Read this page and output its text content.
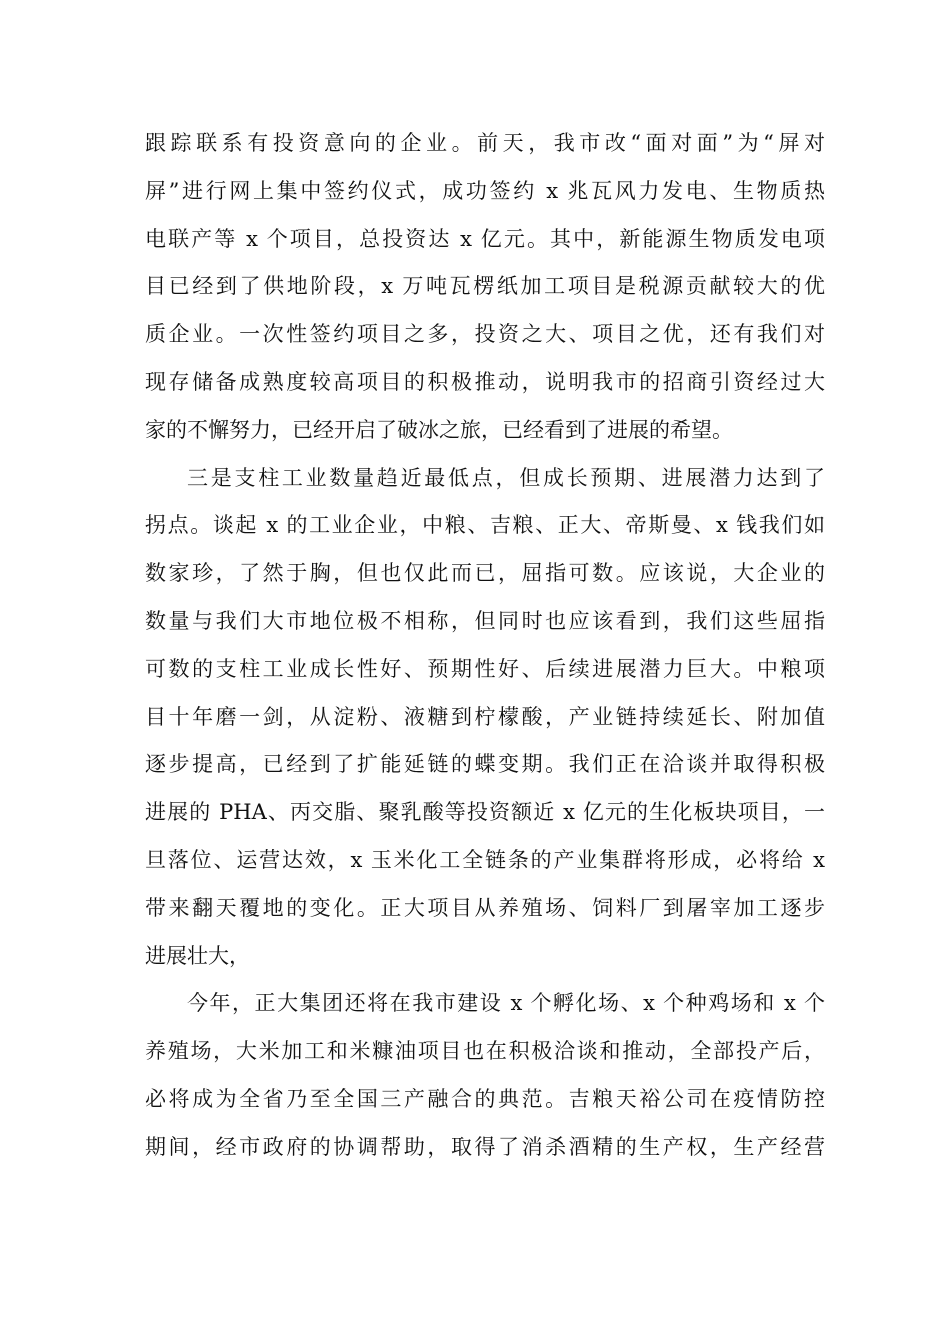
跟踪联系有投资意向的企业。前天，我市改“面对面”为“屏对
屏”进行网上集中签约仪式，成功签约 x 兆瓦风力发电、生物质热
电联产等 x 个项目，总投资达 x 亿元。其中，新能源生物质发电项
目已经到了供地阶段，x 万吨瓦楞纸加工项目是税源贡献较大的优
质企业。一次性签约项目之多，投资之大、项目之优，还有我们对
现存储备成熟度较高项目的积极推动，说明我市的招商引资经过大
家的不懈努力，已经开启了破冰之旅，已经看到了进展的希望。
三是支柱工业数量趋近最低点，但成长预期、进展潜力达到了
拐点。谈起 x 的工业企业，中粮、吉粮、正大、帝斯曼、x 钱我们如
数家珍，了然于胸，但也仅此而已，屈指可数。应该说，大企业的
数量与我们大市地位极不相称，但同时也应该看到，我们这些屈指
可数的支柱工业成长性好、预期性好、后续进展潜力巨大。中粮项
目十年磨一剑，从淀粉、液糖到柠檬酸，产业链持续延长、附加值
逐步提高，已经到了扩能延链的蝶变期。我们正在洽谈并取得积极
进展的 PHA、丙交脂、聚乳酸等投资额近 x 亿元的生化板块项目，一
旦落位、运营达效，x 玉米化工全链条的产业集群将形成，必将给 x
带来翻天覆地的变化。正大项目从养殖场、饲料厂到屠宰加工逐步
进展壮大，
今年，正大集团还将在我市建设 x 个孵化场、x 个种鸡场和 x 个
养殖场，大米加工和米糠油项目也在积极洽谈和推动，全部投产后，
必将成为全省乃至全国三产融合的典范。吉粮天裕公司在疫情防控
期间，经市政府的协调帮助，取得了消杀酒精的生产权，生产经营
